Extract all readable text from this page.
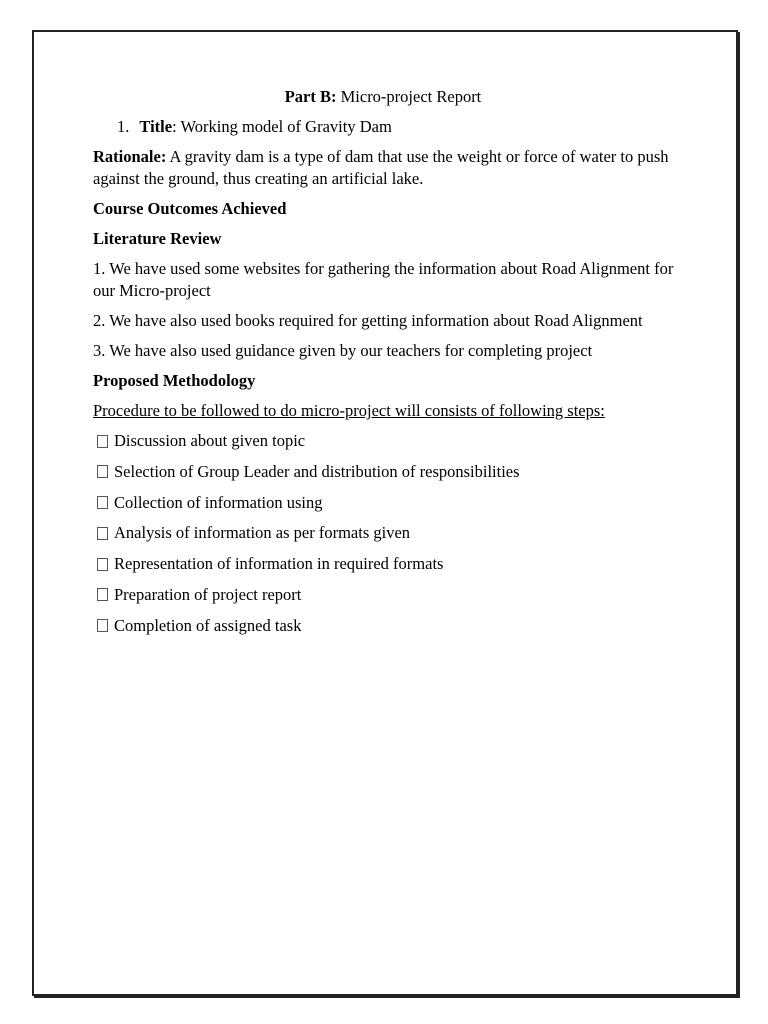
Part B: Micro-project Report
1. Title: Working model of Gravity Dam
Rationale: A gravity dam is a type of dam that use the weight or force of water to push against the ground, thus creating an artificial lake.
Course Outcomes Achieved
Literature Review
1. We have used some websites for gathering the information about Road Alignment for our Micro-project
2. We have also used books required for getting information about Road Alignment
3. We have also used guidance given by our teachers for completing project
Proposed Methodology
Procedure to be followed to do micro-project will consists of following steps:
Discussion about given topic
Selection of Group Leader and distribution of responsibilities
Collection of information using
Analysis of information as per formats given
Representation of information in required formats
Preparation of project report
Completion of assigned task
